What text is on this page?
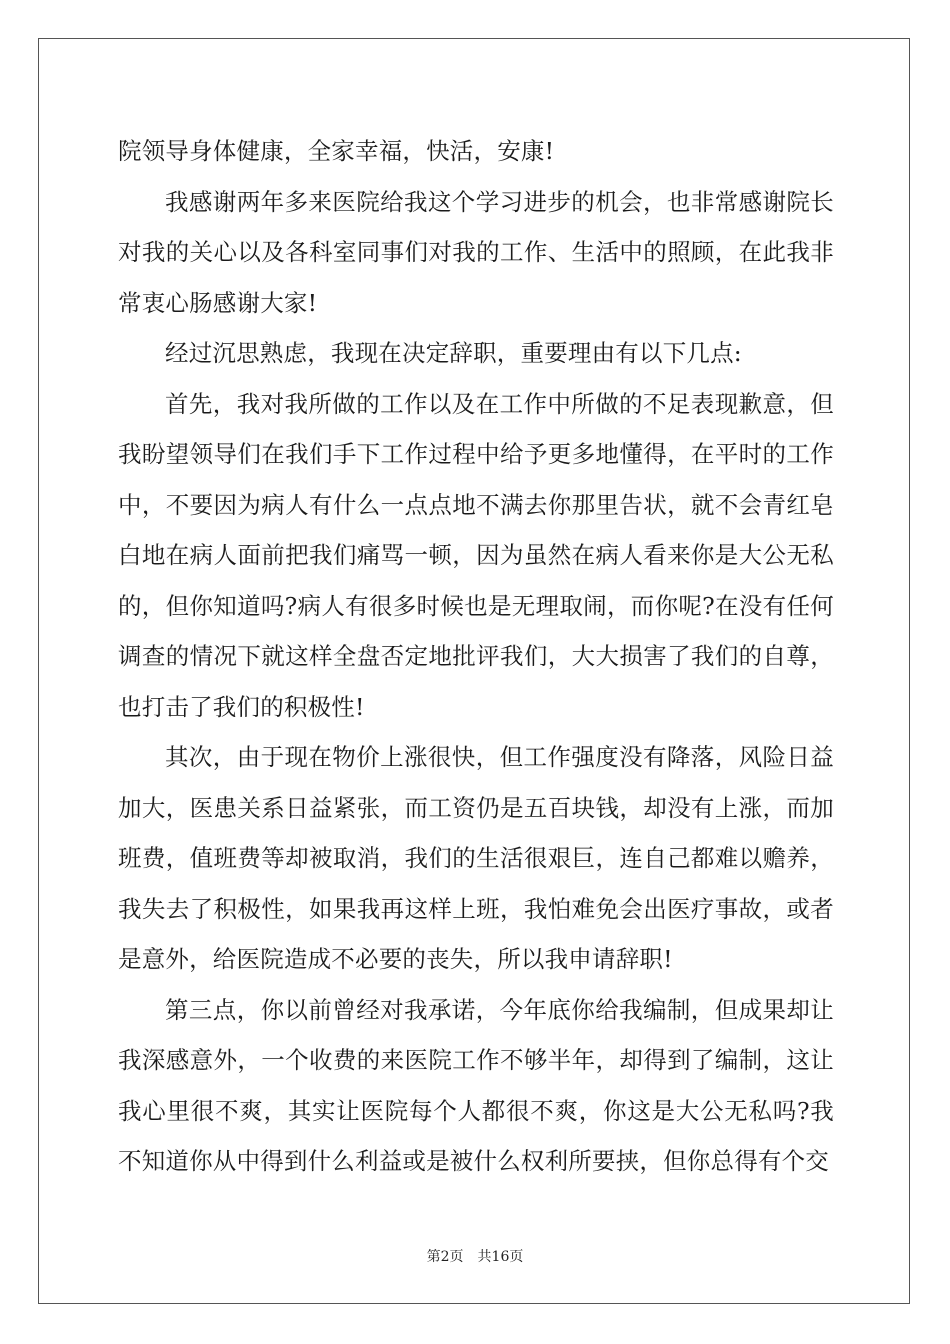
院领导身体健康，全家幸福，快活，安康!

我感谢两年多来医院给我这个学习进步的机会，也非常感谢院长对我的关心以及各科室同事们对我的工作、生活中的照顾，在此我非常衷心肠感谢大家!

经过沉思熟虑，我现在决定辞职，重要理由有以下几点:

首先，我对我所做的工作以及在工作中所做的不足表现歉意，但我盼望领导们在我们手下工作过程中给予更多地懂得，在平时的工作中，不要因为病人有什么一点点地不满去你那里告状，就不会青红皂白地在病人面前把我们痛骂一顿，因为虽然在病人看来你是大公无私的，但你知道吗?病人有很多时候也是无理取闹，而你呢?在没有任何调查的情况下就这样全盘否定地批评我们，大大损害了我们的自尊，也打击了我们的积极性!

其次，由于现在物价上涨很快，但工作强度没有降落，风险日益加大，医患关系日益紧张，而工资仍是五百块钱，却没有上涨，而加班费，值班费等却被取消，我们的生活很艰巨，连自己都难以赡养，我失去了积极性，如果我再这样上班，我怕难免会出医疗事故，或者是意外，给医院造成不必要的丧失，所以我申请辞职!

第三点，你以前曾经对我承诺，今年底你给我编制，但成果却让我深感意外，一个收费的来医院工作不够半年，却得到了编制，这让我心里很不爽，其实让医院每个人都很不爽，你这是大公无私吗?我不知道你从中得到什么利益或是被什么权利所要挟，但你总得有个交

第2页 共16页
